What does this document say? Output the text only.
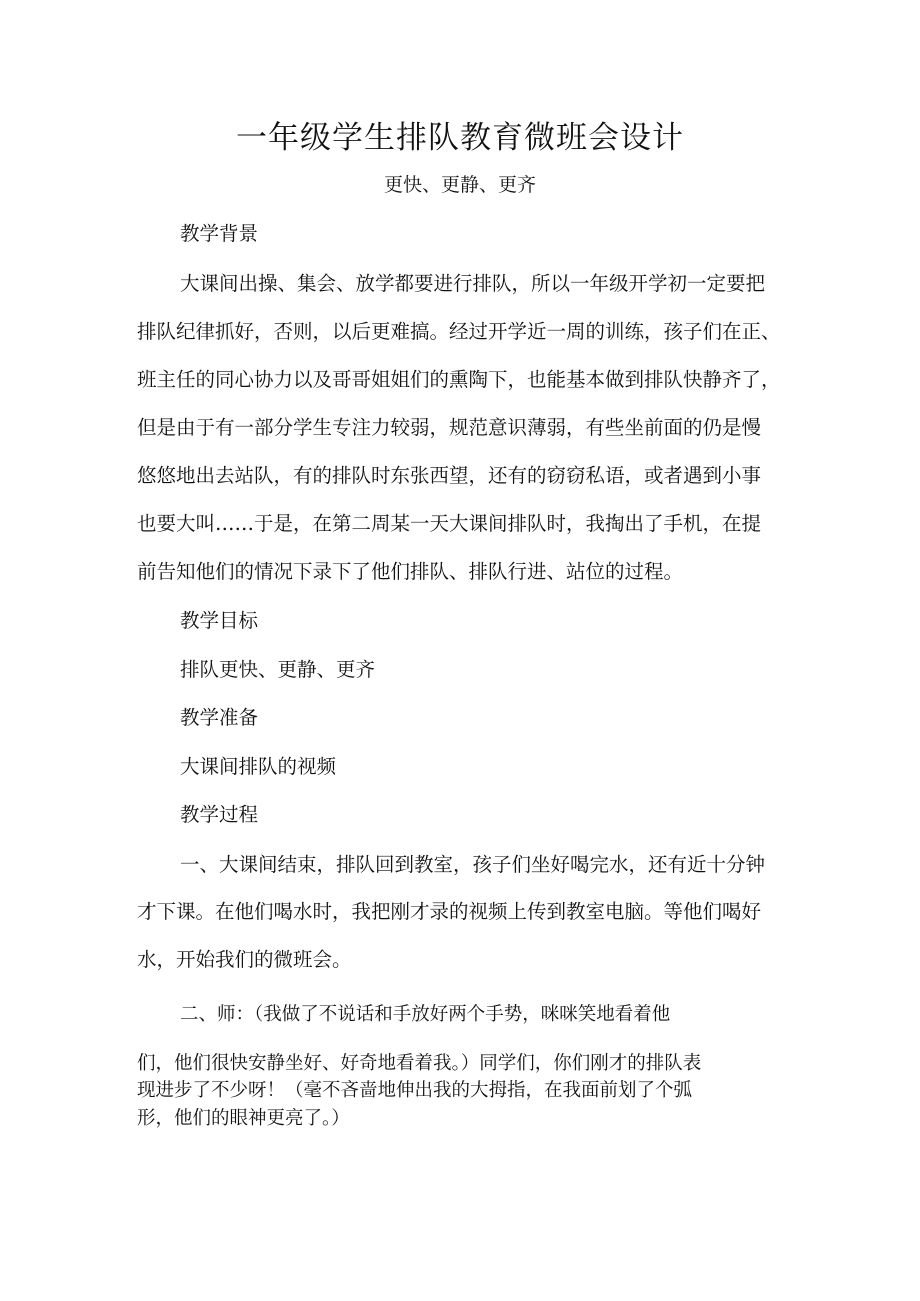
一年级学生排队教育微班会设计

更快、更静、更齐

教学背景

大课间出操、集会、放学都要进行排队，所以一年级开学初一定要把

排队纪律抓好，否则，以后更难搞。经过开学近一周的训练，孩子们在正、

班主任的同心协力以及哥哥姐姐们的熏陶下，也能基本做到排队快静齐了，

但是由于有一部分学生专注力较弱，规范意识薄弱，有些坐前面的仍是慢

悠悠地出去站队，有的排队时东张西望，还有的窃窃私语，或者遇到小事

也要大叫……于是，在第二周某一天大课间排队时，我掏出了手机，在提

前告知他们的情况下录下了他们排队、排队行进、站位的过程。

教学目标

排队更快、更静、更齐

教学准备

大课间排队的视频

教学过程

一、大课间结束，排队回到教室，孩子们坐好喝完水，还有近十分钟

才下课。在他们喝水时，我把刚才录的视频上传到教室电脑。等他们喝好

水，开始我们的微班会。

二、师：（我做了不说话和手放好两个手势，咪咪笑地看着他

们，他们很快安静坐好、好奇地看着我。）同学们，你们刚才的排队表

现进步了不少呀！（毫不吝啬地伸出我的大拇指，在我面前划了个弧

形，他们的眼神更亮了。）
